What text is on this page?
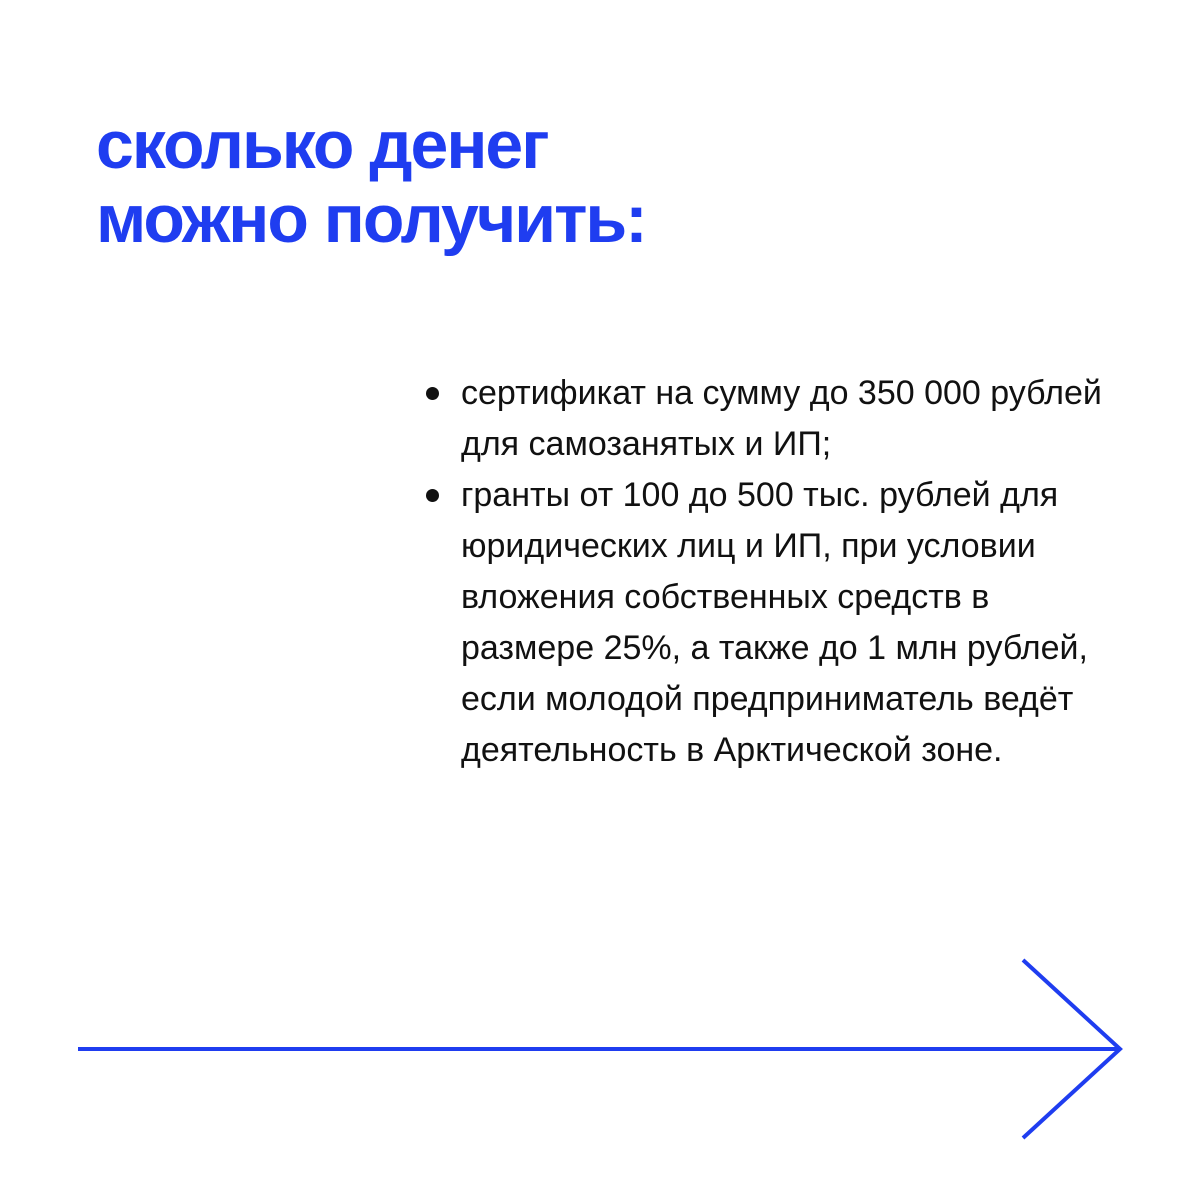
сколько денег
можно получить:
сертификат на сумму до 350 000 рублей
для самозанятых и ИП;
гранты от 100 до 500 тыс. рублей для
юридических лиц и ИП, при условии
вложения собственных средств в
размере 25%, а также до 1 млн рублей,
если молодой предприниматель ведёт
деятельность в Арктической зоне.
